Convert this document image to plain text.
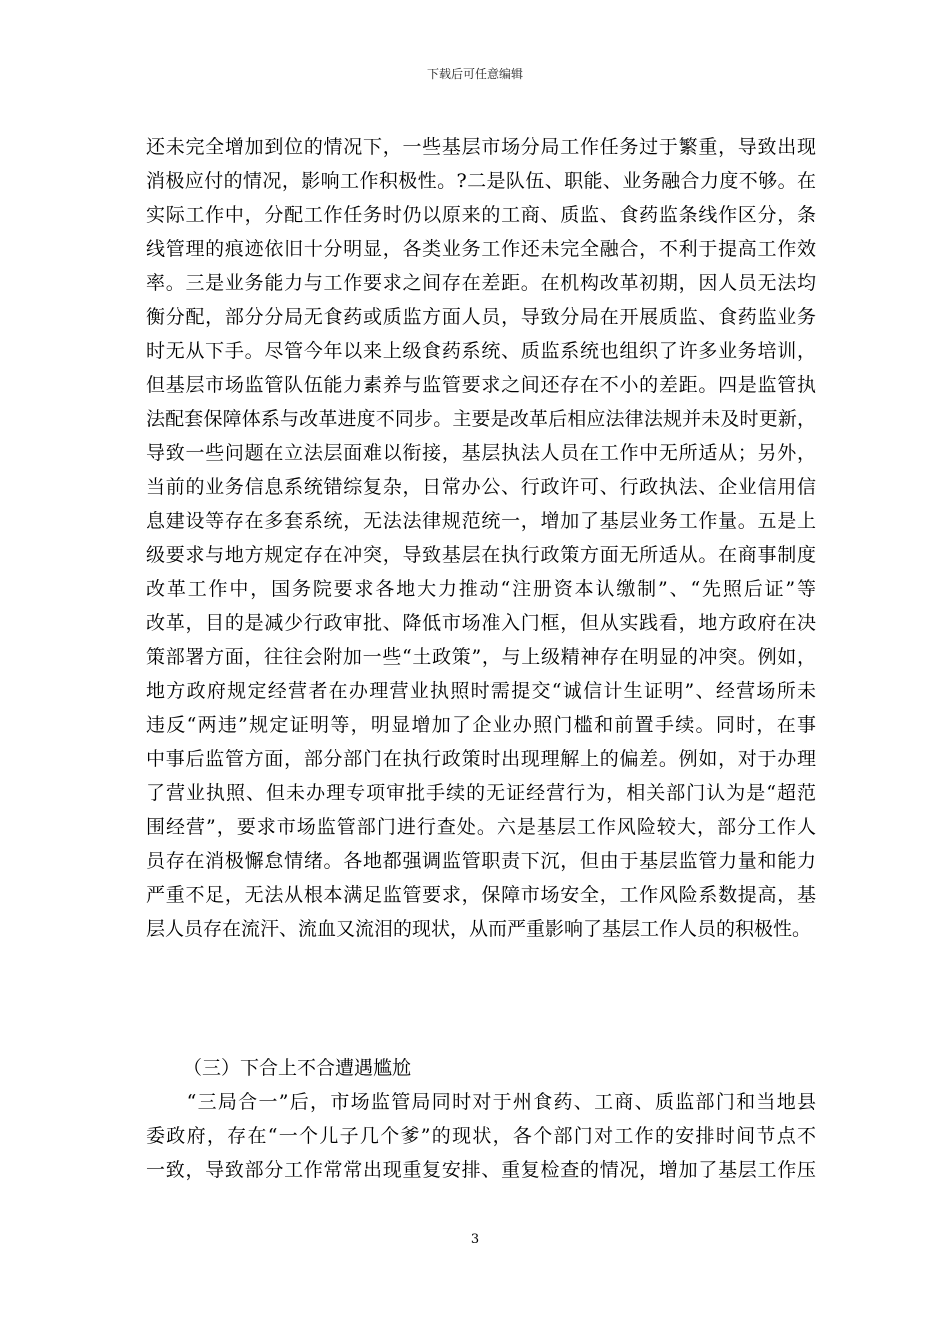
下载后可任意编辑
还未完全增加到位的情况下，一些基层市场分局工作任务过于繁重，导致出现
消极应付的情况，影响工作积极性。?二是队伍、职能、业务融合力度不够。在
实际工作中，分配工作任务时仍以原来的工商、质监、食药监条线作区分，条
线管理的痕迹依旧十分明显，各类业务工作还未完全融合，不利于提高工作效
率。三是业务能力与工作要求之间存在差距。在机构改革初期，因人员无法均
衡分配，部分分局无食药或质监方面人员，导致分局在开展质监、食药监业务
时无从下手。尽管今年以来上级食药系统、质监系统也组织了许多业务培训，
但基层市场监管队伍能力素养与监管要求之间还存在不小的差距。四是监管执
法配套保障体系与改革进度不同步。主要是改革后相应法律法规并未及时更新，
导致一些问题在立法层面难以衔接，基层执法人员在工作中无所适从；另外，
当前的业务信息系统错综复杂，日常办公、行政许可、行政执法、企业信用信
息建设等存在多套系统，无法法律规范统一，增加了基层业务工作量。五是上
级要求与地方规定存在冲突，导致基层在执行政策方面无所适从。在商事制度
改革工作中，国务院要求各地大力推动“注册资本认缴制”、“先照后证”等
改革，目的是减少行政审批、降低市场准入门框，但从实践看，地方政府在决
策部署方面，往往会附加一些“土政策”，与上级精神存在明显的冲突。例如，
地方政府规定经营者在办理营业执照时需提交“诚信计生证明”、经营场所未
违反“两违”规定证明等，明显增加了企业办照门槛和前置手续。同时，在事
中事后监管方面，部分部门在执行政策时出现理解上的偏差。例如，对于办理
了营业执照、但未办理专项审批手续的无证经营行为，相关部门认为是“超范
围经营”，要求市场监管部门进行查处。六是基层工作风险较大，部分工作人
员存在消极懈怠情绪。各地都强调监管职责下沉，但由于基层监管力量和能力
严重不足，无法从根本满足监管要求，保障市场安全，工作风险系数提高，基
层人员存在流汗、流血又流泪的现状，从而严重影响了基层工作人员的积极性。
（三）下合上不合遭遇尴尬
　　“三局合一”后，市场监管局同时对于州食药、工商、质监部门和当地县
委政府，存在“一个儿子几个爹”的现状，各个部门对工作的安排时间节点不
一致，导致部分工作常常出现重复安排、重复检查的情况，增加了基层工作压
3
